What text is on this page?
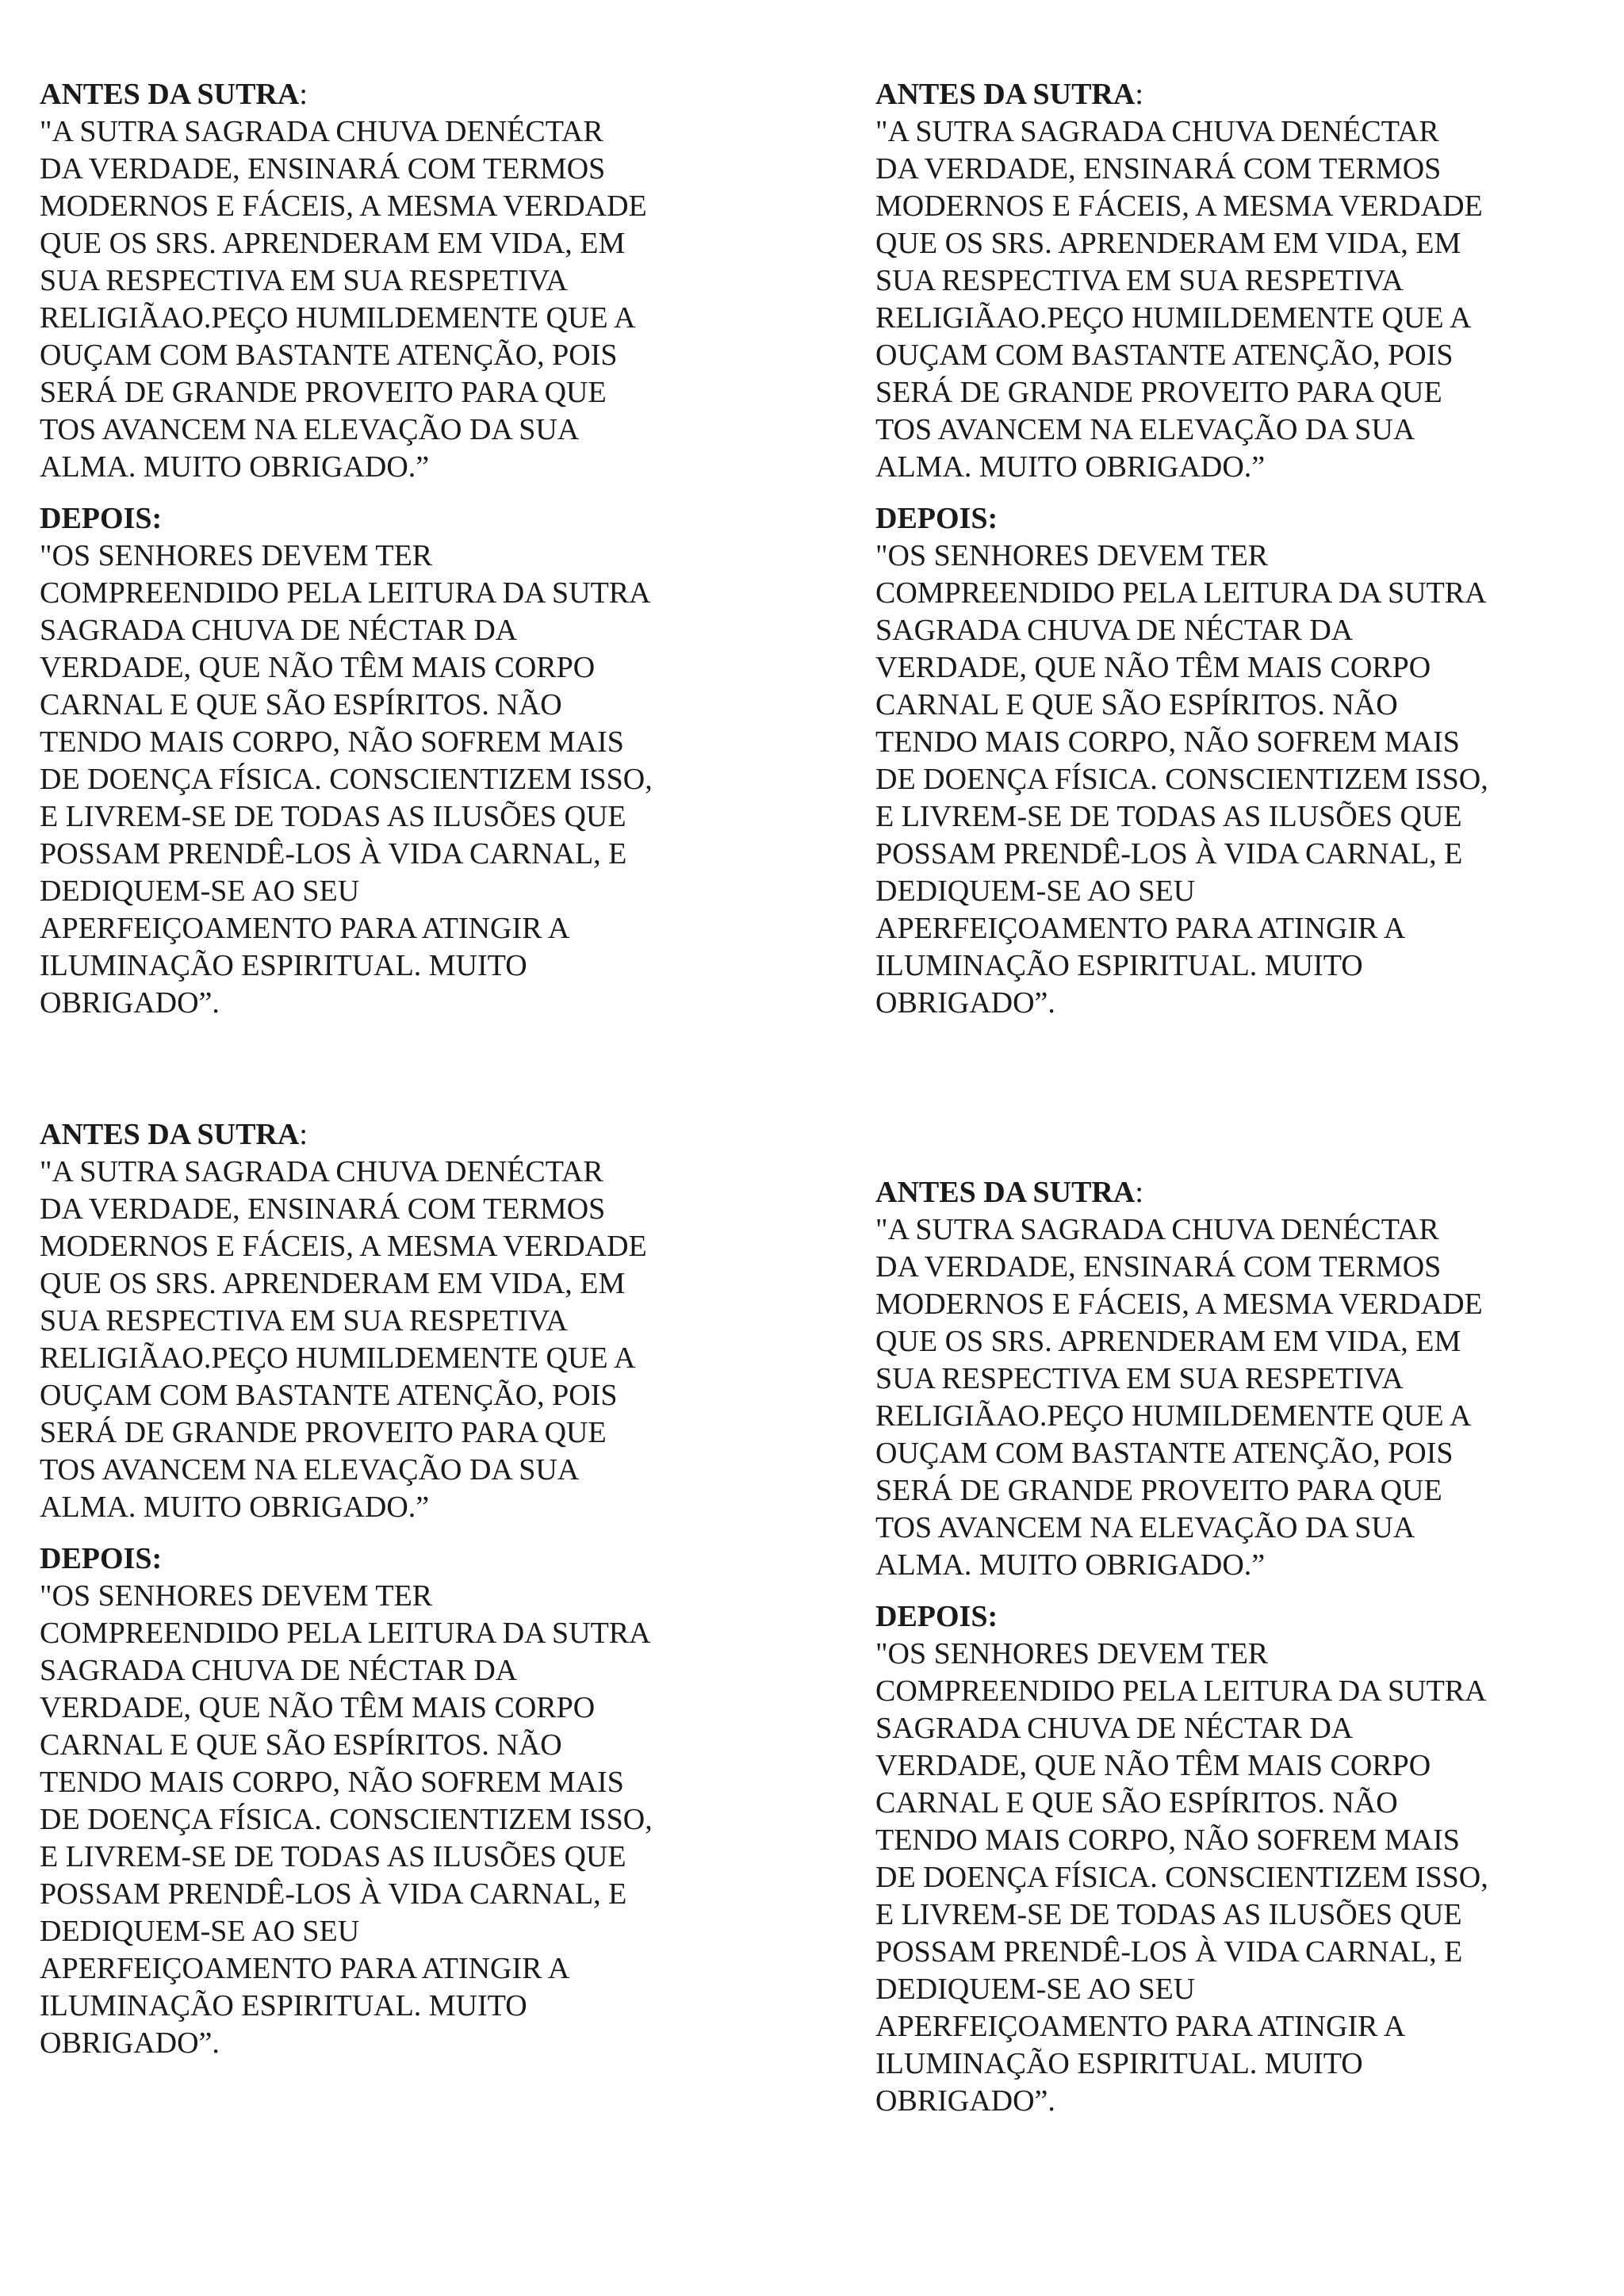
ANTES DA SUTRA:
"A SUTRA SAGRADA CHUVA DENÉCTAR
DA VERDADE, ENSINARÁ COM TERMOS
MODERNOS E FÁCEIS, A MESMA VERDADE
QUE OS SRS. APRENDERAM EM VIDA, EM
SUA RESPECTIVA EM SUA RESPETIVA
RELIGIÃAO.PEÇO HUMILDEMENTE QUE A
OUÇAM COM BASTANTE ATENÇÃO, POIS
SERÁ DE GRANDE PROVEITO PARA QUE
TOS AVANCEM NA ELEVAÇÃO DA SUA
ALMA. MUITO OBRIGADO.”
DEPOIS:
"OS SENHORES DEVEM TER
COMPREENDIDO PELA LEITURA DA SUTRA
SAGRADA CHUVA DE NÉCTAR DA
VERDADE, QUE NÃO TÊM MAIS CORPO
CARNAL E QUE SÃO ESPÍRITOS. NÃO
TENDO MAIS CORPO, NÃO SOFREM MAIS
DE DOENÇA FÍSICA. CONSCIENTIZEM ISSO,
E LIVREM-SE DE TODAS AS ILUSÕES QUE
POSSAM PRENDÊ-LOS À VIDA CARNAL, E
DEDIQUEM-SE AO SEU
APERFEIÇOAMENTO PARA ATINGIR A
ILUMINAÇÃO ESPIRITUAL. MUITO
OBRIGADO”.
ANTES DA SUTRA:
"A SUTRA SAGRADA CHUVA DENÉCTAR
DA VERDADE, ENSINARÁ COM TERMOS
MODERNOS E FÁCEIS, A MESMA VERDADE
QUE OS SRS. APRENDERAM EM VIDA, EM
SUA RESPECTIVA EM SUA RESPETIVA
RELIGIÃAO.PEÇO HUMILDEMENTE QUE A
OUÇAM COM BASTANTE ATENÇÃO, POIS
SERÁ DE GRANDE PROVEITO PARA QUE
TOS AVANCEM NA ELEVAÇÃO DA SUA
ALMA. MUITO OBRIGADO.”
DEPOIS:
"OS SENHORES DEVEM TER
COMPREENDIDO PELA LEITURA DA SUTRA
SAGRADA CHUVA DE NÉCTAR DA
VERDADE, QUE NÃO TÊM MAIS CORPO
CARNAL E QUE SÃO ESPÍRITOS. NÃO
TENDO MAIS CORPO, NÃO SOFREM MAIS
DE DOENÇA FÍSICA. CONSCIENTIZEM ISSO,
E LIVREM-SE DE TODAS AS ILUSÕES QUE
POSSAM PRENDÊ-LOS À VIDA CARNAL, E
DEDIQUEM-SE AO SEU
APERFEIÇOAMENTO PARA ATINGIR A
ILUMINAÇÃO ESPIRITUAL. MUITO
OBRIGADO”.
ANTES DA SUTRA:
"A SUTRA SAGRADA CHUVA DENÉCTAR
DA VERDADE, ENSINARÁ COM TERMOS
MODERNOS E FÁCEIS, A MESMA VERDADE
QUE OS SRS. APRENDERAM EM VIDA, EM
SUA RESPECTIVA EM SUA RESPETIVA
RELIGIÃAO.PEÇO HUMILDEMENTE QUE A
OUÇAM COM BASTANTE ATENÇÃO, POIS
SERÁ DE GRANDE PROVEITO PARA QUE
TOS AVANCEM NA ELEVAÇÃO DA SUA
ALMA. MUITO OBRIGADO.”
DEPOIS:
"OS SENHORES DEVEM TER
COMPREENDIDO PELA LEITURA DA SUTRA
SAGRADA CHUVA DE NÉCTAR DA
VERDADE, QUE NÃO TÊM MAIS CORPO
CARNAL E QUE SÃO ESPÍRITOS. NÃO
TENDO MAIS CORPO, NÃO SOFREM MAIS
DE DOENÇA FÍSICA. CONSCIENTIZEM ISSO,
E LIVREM-SE DE TODAS AS ILUSÕES QUE
POSSAM PRENDÊ-LOS À VIDA CARNAL, E
DEDIQUEM-SE AO SEU
APERFEIÇOAMENTO PARA ATINGIR A
ILUMINAÇÃO ESPIRITUAL. MUITO
OBRIGADO”.
ANTES DA SUTRA:
"A SUTRA SAGRADA CHUVA DENÉCTAR
DA VERDADE, ENSINARÁ COM TERMOS
MODERNOS E FÁCEIS, A MESMA VERDADE
QUE OS SRS. APRENDERAM EM VIDA, EM
SUA RESPECTIVA EM SUA RESPETIVA
RELIGIÃAO.PEÇO HUMILDEMENTE QUE A
OUÇAM COM BASTANTE ATENÇÃO, POIS
SERÁ DE GRANDE PROVEITO PARA QUE
TOS AVANCEM NA ELEVAÇÃO DA SUA
ALMA. MUITO OBRIGADO.”
DEPOIS:
"OS SENHORES DEVEM TER
COMPREENDIDO PELA LEITURA DA SUTRA
SAGRADA CHUVA DE NÉCTAR DA
VERDADE, QUE NÃO TÊM MAIS CORPO
CARNAL E QUE SÃO ESPÍRITOS. NÃO
TENDO MAIS CORPO, NÃO SOFREM MAIS
DE DOENÇA FÍSICA. CONSCIENTIZEM ISSO,
E LIVREM-SE DE TODAS AS ILUSÕES QUE
POSSAM PRENDÊ-LOS À VIDA CARNAL, E
DEDIQUEM-SE AO SEU
APERFEIÇOAMENTO PARA ATINGIR A
ILUMINAÇÃO ESPIRITUAL. MUITO
OBRIGADO”.
